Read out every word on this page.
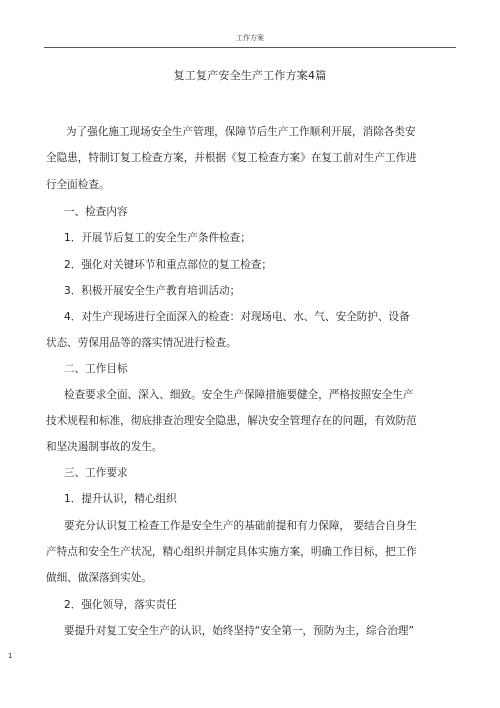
工作方案
复工复产安全生产工作方案4篇
为了强化施工现场安全生产管理，保障节后生产工作顺利开展，消除各类安
全隐患，特制订复工检查方案，并根据《复工检查方案》在复工前对生产工作进
行全面检查。
一、检查内容
1．开展节后复工的安全生产条件检查；
2．强化对关键环节和重点部位的复工检查；
3．积极开展安全生产教育培训活动；
4．对生产现场进行全面深入的检查：对现场电、水、气、安全防护、设备
状态、劳保用品等的落实情况进行检查。
二、工作目标
检查要求全面、深入、细致。安全生产保障措施要健全，严格按照安全生产
技术规程和标准，彻底排查治理安全隐患，解决安全管理存在的问题，有效防范
和坚决遏制事故的发生。
三、工作要求
1．提升认识，精心组织
要充分认识复工检查工作是安全生产的基础前提和有力保障， 要结合自身生
产特点和安全生产状况，精心组织并制定具体实施方案，明确工作目标，把工作
做细、做深落到实处。
2．强化领导，落实责任
要提升对复工安全生产的认识，始终坚持“安全第一，预防为主，综合治理”
1
